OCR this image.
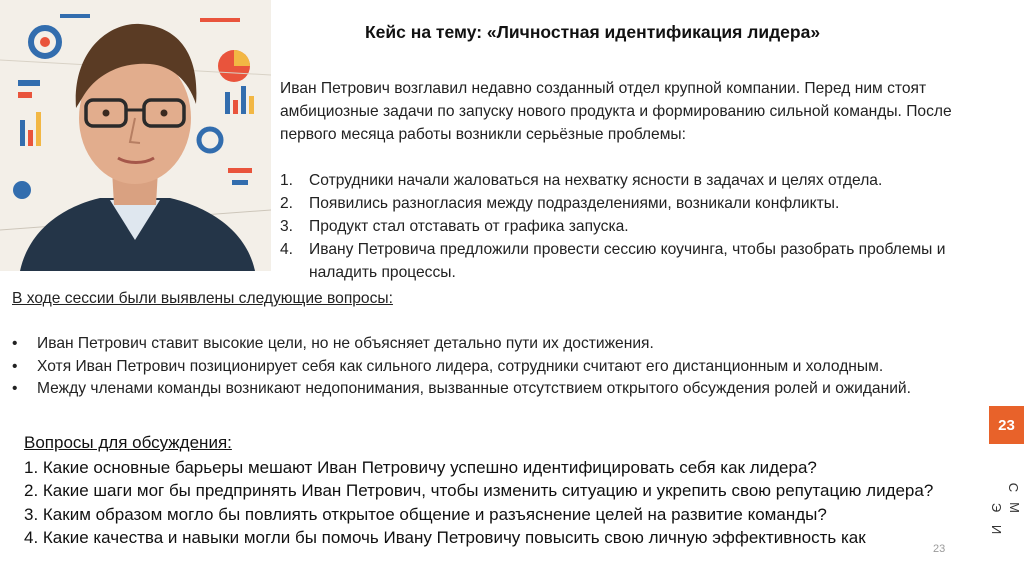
Кейс на тему: «Личностная идентификация лидера»
Иван Петрович возглавил недавно созданный отдел крупной компании. Перед ним стоят амбициозные задачи по запуску нового продукта и формированию сильной команды. После первого месяца работы возникли серьёзные проблемы:
1. Сотрудники начали жаловаться на нехватку ясности в задачах и целях отдела.
2. Появились разногласия между подразделениями, возникали конфликты.
3. Продукт стал отставать от графика запуска.
4. Ивану Петровича предложили провести сессию коучинга, чтобы разобрать проблемы и наладить процессы.
В ходе сессии были выявлены следующие вопросы:
• Иван Петрович ставит высокие цели, но не объясняет детально пути их достижения.
• Хотя Иван Петрович позиционирует себя как сильного лидера, сотрудники считают его дистанционным и холодным.
• Между членами команды возникают недопонимания, вызванные отсутствием открытого обсуждения ролей и ожиданий.
Вопросы для обсуждения:
1. Какие основные барьеры мешают Иван Петровичу успешно идентифицировать себя как лидера?
2. Какие шаги мог бы предпринять Иван Петрович, чтобы изменить ситуацию и укрепить свою репутацию лидера?
3. Каким образом могло бы повлиять открытое общение и разъяснение целей на развитие команды?
4. Какие качества и навыки могли бы помочь Ивану Петровичу повысить свою личную эффективность как
23
С
М
Э
И
23
